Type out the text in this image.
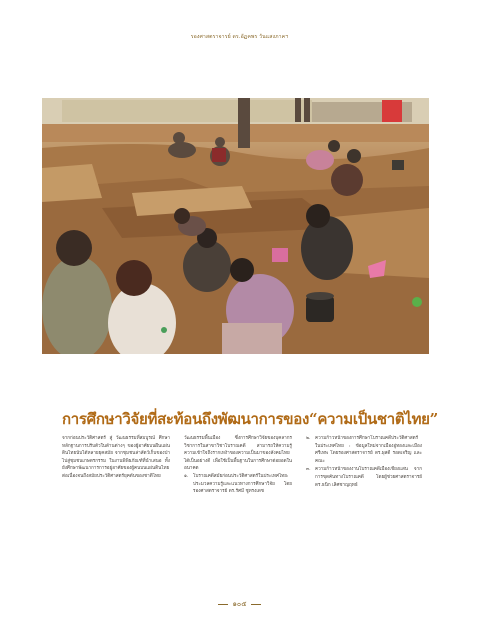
รองศาสตราจารย์ ดร.อัฏคพร วันแสงภาคฯ
การศึกษาวิจัยที่สะท้อนถึงพัฒนาการของ“ความเป็นชาติไทย”

จากก่อนประวัติศาสตร์ สู่ วัฒนธรรมที่สมบูรณ์ ศึกษาหลักฐานการปรับตัวในด้านต่างๆ ของผู้อาศัยบนผืนแผ่นดินไทยนับได้หลายยุคสมัย จากชุมชนล่าสัตว์เก็บของป่าไปสู่ชุมชนเกษตรกรรม ในงานพิพิธภัณฑ์ที่นำเสนอ ทั้งยังศึกษาพัฒนาการการอยู่อาศัยของผู้คนบนแผ่นดินไทยต่อเนื่องจนถึงสมัยประวัติศาสตร์ยุคต้นของชาติไทย

วัฒนธรรมพื้นเมือง ซึ่งการศึกษาวิจัยของบุคลากรวิชาการในสาขาวิชาโบราณคดี สามารถให้ความรู้ความเข้าใจถึงรากเหง้าของความเป็นมาของสังคมไทยได้เป็นอย่างดี เพื่อใช้เป็นพื้นฐานในการศึกษาต่อยอดในอนาคต

๑.	โบราณคดีสมัยก่อนประวัติศาสตร์ในประเทศไทย: ประมวลความรู้และแนวทางการศึกษาวิจัย โดย รองศาสตราจารย์ ดร.รัศมี ชูทรงเดช
๒. ความก้าวหน้าของการศึกษาโบราณคดีประวัติศาสตร์ในประเทศไทย : ข้อมูลใหม่จากเมืองอู่ทองและเมืองศรีเทพ โดยรองศาสตราจารย์ ดร.ผุสดี รอดเจริญ และคณะ
๓. ความก้าวหน้าของงานโบราณคดีเมืองเชียงแสน จากการขุดค้นทางโบราณคดี โดยผู้ช่วยศาสตราจารย์ ดร.ธนิก เลิศชาญฤทธ์
๑๐๕
